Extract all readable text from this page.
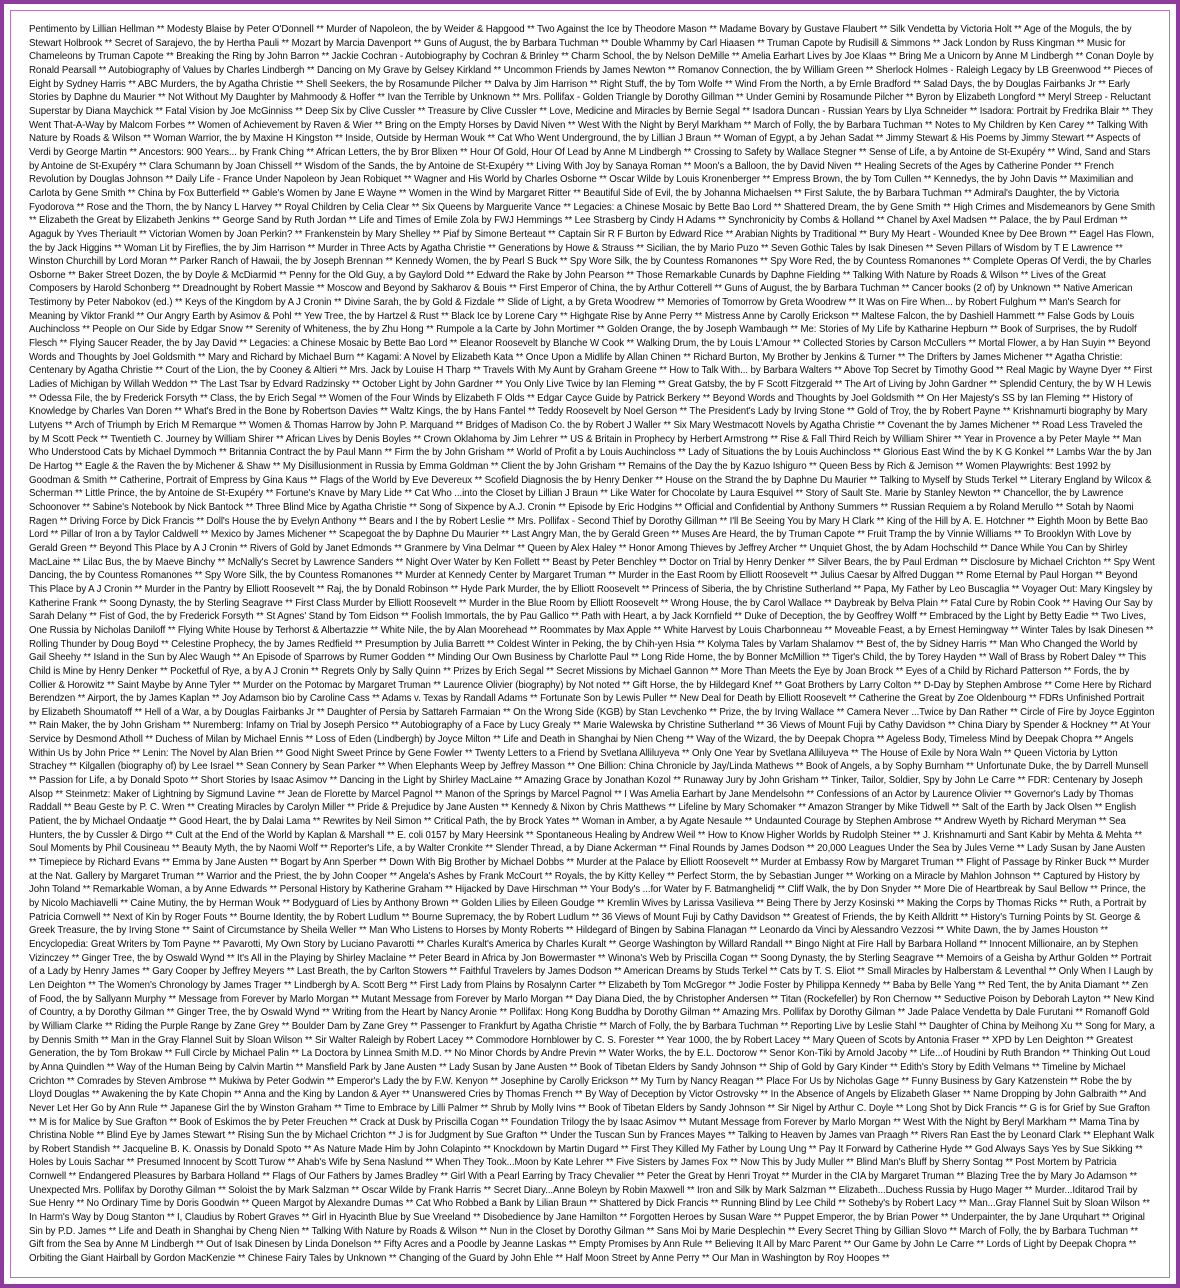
Pentimento by Lillian Hellman ** Modesty Blaise by Peter O'Donnell ** Murder of Napoleon, the by Weider & Hapgood ** Two Against the Ice by Theodore Mason ** Madame Bovary by Gustave Flaubert ** Silk Vendetta by Victoria Holt ** Age of the Moguls, the by Stewart Holbrook ** Secret of Sarajevo, the by Hertha Pauli ** Mozart by Marcia Davenport ** Guns of August, the by Barbara Tuchman ** Double Whammy by Carl Hiaasen ** Truman Capote by Rudisill & Simmons ** Jack London by Russ Kingman ** Music for Chameleons by Truman Capote ** Breaking the Ring by John Barron ** Jackie Cochran - Autobiography by Cochran & Brinley ** Charm School, the by Nelson DeMille ** Amelia Earhart Lives by Joe Klaas ** Bring Me a Unicorn by Anne M Lindbergh ** Conan Doyle by Ronald Pearsall ** Autobiography of Values by Charles Lindbergh ** Dancing on My Grave by Gelsey Kirkland ** Uncommon Friends by James Newton ** Romanov Connection, the by William Green ** Sherlock Holmes - Raleigh Legacy by LB Greenwood ** Pieces of Eight by Sydney Harris ** ABC Murders, the by Agatha Christie ** Shell Seekers, the by Rosamunde Pilcher ** Dalva by Jim Harrison ** Right Stuff, the by Tom Wolfe ** Wind From the North, a by Ernle Bradford ** Salad Days, the by Douglas Fairbanks Jr ** Early Stories by Daphne du Maurier ** Not Without My Daughter by Mahmoody & Hoffer ** Ivan the Terrible by Unknown ** Mrs. Pollifax - Golden Triangle by Dorothy Gillman ** Under Gemini by Rosamunde Pilcher ** Byron by Elizabeth Longford ** Meryl Streep - Reluctant Superstar by Diana Maychick ** Fatal Vision by Joe McGinniss ** Deep Six by Clive Cussler ** Treasure by Clive Cussler ** Love, Medicine and Miracles by Bernie Segal ** Isadora Duncan - Russian Years by Llya Schneider ** Isadora: Portrait by Fredrika Blair ** They Went That-A-Way by Malcom Forbes ** Women of Achievement by Raven & Wier ** Bring on the Empty Horses by David Niven ** West With the Night by Beryl Markham ** March of Folly, the by Barbara Tuchman ** Notes to My Children by Ken Carey ** Talking With Nature by Roads & Wilson ** Woman Warrior, the by Maxine H Kingston ** Inside, Outside by Herman Wouk ** Cat Who Went Underground, the by Lillian J Braun ** Woman of Egypt, a by Jehan Sadat ** Jimmy Stewart & His Poems by Jimmy Stewart ** Aspects of Verdi by George Martin ** Ancestors: 900 Years... by Frank Ching ** African Letters, the by Bror Blixen ** Hour Of Gold, Hour Of Lead by Anne M Lindbergh ** Crossing to Safety by Wallace Stegner ** Sense of Life, a by Antoine de St-Exupéry ** Wind, Sand and Stars by Antoine de St-Exupéry ** Clara Schumann by Joan Chissell ** Wisdom of the Sands, the by Antoine de St-Exupéry ** Living With Joy by Sanaya Roman ** Moon's a Balloon, the by David Niven ** Healing Secrets of the Ages by Catherine Ponder ** French Revolution by Douglas Johnson ** Daily Life - France Under Napoleon by Jean Robiquet ** Wagner and His World by Charles Osborne ** Oscar Wilde by Louis Kronenberger ** Empress Brown, the by Tom Cullen ** Kennedys, the by John Davis ** Maximilian and Carlota by Gene Smith ** China by Fox Butterfield ** Gable's Women by Jane E Wayne ** Women in the Wind by Margaret Ritter ** Beautiful Side of Evil, the by Johanna Michaelsen ** First Salute, the by Barbara Tuchman ** Admiral's Daughter, the by Victoria Fyodorova ** Rose and the Thorn, the by Nancy L Harvey ** Royal Children by Celia Clear ** Six Queens by Marguerite Vance ** Legacies: a Chinese Mosaic by Bette Bao Lord ** Shattered Dream, the by Gene Smith ** High Crimes and Misdemeanors by Gene Smith ** Elizabeth the Great by Elizabeth Jenkins ** George Sand by Ruth Jordan ** Life and Times of Emile Zola by FWJ Hemmings ** Lee Strasberg by Cindy H Adams ** Synchronicity by Combs & Holland ** Chanel by Axel Madsen ** Palace, the by Paul Erdman ** Agaguk by Yves Theriault ** Victorian Women by Joan Perkin? ** Frankenstein by Mary Shelley ** Piaf by Simone Berteaut ** Captain Sir R F Burton by Edward Rice ** Arabian Nights by Traditional ** Bury My Heart - Wounded Knee by Dee Brown ** Eagel Has Flown, the by Jack Higgins ** Woman Lit by Fireflies, the by Jim Harrison ** Murder in Three Acts by Agatha Christie ** Generations by Howe & Strauss ** Sicilian, the by Mario Puzo ** Seven Gothic Tales by Isak Dinesen ** Seven Pillars of Wisdom by T E Lawrence ** Winston Churchill by Lord Moran ** Parker Ranch of Hawaii, the by Joseph Brennan ** Kennedy Women, the by Pearl S Buck ** Spy Wore Silk, the by Countess Romanones ** Spy Wore Red, the by Countess Romanones ** Complete Operas Of Verdi, the by Charles Osborne ** Baker Street Dozen, the by Doyle & McDiarmid ** Penny for the Old Guy, a by Gaylord Dold ** Edward the Rake by John Pearson ** Those Remarkable Cunards by Daphne Fielding ** Talking With Nature by Roads & Wilson ** Lives of the Great Composers by Harold Schonberg ** Dreadnought by Robert Massie ** Moscow and Beyond by Sakharov & Bouis ** First Emperor of China, the by Arthur Cotterell ** Guns of August, the by Barbara Tuchman ** Cancer books (2 of) by Unknown ** Native American Testimony by Peter Nabokov (ed.) ** Keys of the Kingdom by A J Cronin ** Divine Sarah, the by Gold & Fizdale ** Slide of Light, a by Greta Woodrew ** Memories of Tomorrow by Greta Woodrew ** It Was on Fire When... by Robert Fulghum ** Man's Search for Meaning by Viktor Frankl ** Our Angry Earth by Asimov & Pohl ** Yew Tree, the by Hartzel & Rust ** Black Ice by Lorene Cary ** Highgate Rise by Anne Perry ** Mistress Anne by Carolly Erickson ** Maltese Falcon, the by Dashiell Hammett ** False Gods by Louis Auchincloss ** People on Our Side by Edgar Snow ** Serenity of Whiteness, the by Zhu Hong ** Rumpole a la Carte by John Mortimer ** Golden Orange, the by Joseph Wambaugh ** Me: Stories of My Life by Katharine Hepburn ** Book of Surprises, the by Rudolf Flesch ** Flying Saucer Reader, the by Jay David ** Legacies: a Chinese Mosaic by Bette Bao Lord ** Eleanor Roosevelt by Blanche W Cook ** Walking Drum, the by Louis L'Amour ** Collected Stories by Carson McCullers ** Mortal Flower, a by Han Suyin ** Beyond Words and Thoughts by Joel Goldsmith ** Mary and Richard by Michael Burn ** Kagami: A Novel by Elizabeth Kata ** Once Upon a Midlife by Allan Chinen ** Richard Burton, My Brother by Jenkins & Turner ** The Drifters by James Michener ** Agatha Christie: Centenary by Agatha Christie ** Court of the Lion, the by Cooney & Altieri ** Mrs. Jack by Louise H Tharp ** Travels With My Aunt by Graham Greene ** How to Talk With... by Barbara Walters ** Above Top Secret by Timothy Good ** Real Magic by Wayne Dyer ** First Ladies of Michigan by Willah Weddon ** The Last Tsar by Edvard Radzinsky ** October Light by John Gardner ** You Only Live Twice by Ian Fleming ** Great Gatsby, the by F Scott Fitzgerald ** The Art of Living by John Gardner ** Splendid Century, the by W H Lewis ** Odessa File, the by Frederick Forsyth ** Class, the by Erich Segal ** Women of the Four Winds by Elizabeth F Olds ** Edgar Cayce Guide by Patrick Berkery ** Beyond Words and Thoughts by Joel Goldsmith ** On Her Majesty's SS by Ian Fleming ** History of Knowledge by Charles Van Doren ** What's Bred in the Bone by Robertson Davies ** Waltz Kings, the by Hans Fantel ** Teddy Roosevelt by Noel Gerson ** The President's Lady by Irving Stone ** Gold of Troy, the by Robert Payne ** Krishnamurti biography by Mary Lutyens ** Arch of Triumph by Erich M Remarque ** Women & Thomas Harrow by John P. Marquand ** Bridges of Madison Co. the by Robert J Waller ** Six Mary Westmacott Novels by Agatha Christie ** Covenant the by James Michener ** Road Less Traveled the by M Scott Peck ** Twentieth C. Journey by William Shirer ** African Lives by Denis Boyles ** Crown Oklahoma by Jim Lehrer ** US & Britain in Prophecy by Herbert Armstrong ** Rise & Fall Third Reich by William Shirer ** Year in Provence a by Peter Mayle ** Man Who Understood Cats by Michael Dymmoch ** Britannia Contract the by Paul Mann ** Firm the by John Grisham ** World of Profit a by Louis Auchincloss ** Lady of Situations the by Louis Auchincloss ** Glorious East Wind the by K G Konkel ** Lambs War the by Jan De Hartog ** Eagle & the Raven the by Michener & Shaw ** My Disillusionment in Russia by Emma Goldman ** Client the by John Grisham ** Remains of the Day the by Kazuo Ishiguro ** Queen Bess by Rich & Jemison ** Women Playwrights: Best 1992 by Goodman & Smith ** Catherine, Portrait of Empress by Gina Kaus ** Flags of the World by Eve Devereux ** Scofield Diagnosis the by Henry Denker ** House on the Strand the by Daphne Du Maurier ** Talking to Myself by Studs Terkel ** Literary England by Wilcox & Scherman ** Little Prince, the by Antoine de St-Exupéry ** Fortune's Knave by Mary Lide ** Cat Who ...into the Closet by Lillian J Braun ** Like Water for Chocolate by Laura Esquivel ** Story of Sault Ste. Marie by Stanley Newton ** Chancellor, the by Lawrence Schoonover ** Sabine's Notebook by Nick Bantock ** Three Blind Mice by Agatha Christie ** Song of Sixpence by A.J. Cronin ** Episode by Eric Hodgins ** Official and Confidential by Anthony Summers ** Russian Requiem a by Roland Merullo ** Sotah by Naomi Ragen ** Driving Force by Dick Francis ** Doll's House the by Evelyn Anthony ** Bears and I the by Robert Leslie ** Mrs. Pollifax - Second Thief by Dorothy Gillman ** I'll Be Seeing You by Mary H Clark ** King of the Hill by A. E. Hotchner ** Eighth Moon by Bette Bao Lord ** Pillar of Iron a by Taylor Caldwell ** Mexico by James Michener ** Scapegoat the by Daphne Du Maurier ** Last Angry Man, the by Gerald Green ** Muses Are Heard, the by Truman Capote ** Fruit Tramp the by Vinnie Williams ** To Brooklyn With Love by Gerald Green ** Beyond This Place by A J Cronin ** Rivers of Gold by Janet Edmonds ** Granmere by Vina Delmar ** Queen by Alex Haley ** Honor Among Thieves by Jeffrey Archer ** Unquiet Ghost, the by Adam Hochschild ** Dance While You Can by Shirley MacLaine ** Lilac Bus, the by Maeve Binchy ** McNally's Secret by Lawrence Sanders ** Night Over Water by Ken Follett ** Beast by Peter Benchley ** Doctor on Trial by Henry Denker ** Silver Bears, the by Paul Erdman ** Disclosure by Michael Crichton ** Spy Went Dancing, the by Countess Romanones ** Spy Wore Silk, the by Countess Romanones ** Murder at Kennedy Center by Margaret Truman ** Murder in the East Room by Elliott Roosevelt ** Julius Caesar by Alfred Duggan ** Rome Eternal by Paul Horgan ** Beyond This Place by A J Cronin ** Murder in the Pantry by Elliott Roosevelt ** Raj, the by Donald Robinson ** Hyde Park Murder, the by Elliott Roosevelt ** Princess of Siberia, the by Christine Sutherland ** Papa, My Father by Leo Buscaglia ** Voyager Out: Mary Kingsley by Katherine Frank ** Soong Dynasty, the by Sterling Seagrave ** First Class Murder by Elliott Roosevelt ** Murder in the Blue Room by Elliott Roosevelt ** Wrong House, the by Carol Wallace ** Daybreak by Belva Plain ** Fatal Cure by Robin Cook ** Having Our Say by Sarah Delany ** Fist of God, the by Frederick Forsyth ** St Agnes' Stand by Tom Eidson ** Foolish Immortals, the by Pau Gallico ** Path with Heart, a by Jack Kornfield ** Duke of Deception, the by Geoffrey Wolff ** Embraced by the Light by Betty Eadie ** Two Lives, One Russia by Nicholas Daniloff ** Flying White House by Terhorst & Albertazzie ** White Nile, the by Alan Moorehead ** Roommates by Max Apple ** White Harvest by Louis Charbonneau ** Moveable Feast, a by Ernest Hemingway ** Winter Tales by Isak Dinesen ** Rolling Thunder by Doug Boyd ** Celestine Prophecy, the by James Redfield ** Presumption by Julia Barrett ** Coldest Winter in Peking, the by Chih-yen Hsia ** Kolyma Tales by Varlam Shalamov ** Best of, the by Sidney Harris ** Man Who Changed the World by Gail Sheehy ** Island in the Sun by Alec Waugh ** An Episode of Sparrows by Rumer Godden ** Minding Our Own Business by Charlotte Paul ** Long Ride Home, the by Bonner McMillion ** Tiger's Child, the by Torey Hayden ** Wall of Brass by Robert Daley ** This Child is Mine by Henry Denker ** Pocketful of Rye, a by A J Cronin ** Regrets Only by Sally Quinn ** Prizes by Erich Segal ** Secret Missions by Michael Gannon ** More Than Meets the Eye by Joan Brock ** Eyes of a Child by Richard Patterson ** Fords, the by Collier & Horowitz ** Saint Maybe by Anne Tyler ** Murder on the Potomac by Margaret Truman ** Laurence Olivier (biography) by Not noted ** Gift Horse, the by Hildegard Knef ** Goat Brothers by Larry Colton ** D-Day by Stephen Ambrose ** Come Here by Richard Berendzen ** Airport, the by James Kaplan ** Joy Adamson bio by Caroline Cass ** Adams v. Texas by Randall Adams ** Fortunate Son by Lewis Puller ** New Deal for Death by Elliott Roosevelt ** Catherine the Great by Zoe Oldenbourg ** FDRs Unfinished Portrait by Elizabeth Shoumatoff ** Hell of a War, a by Douglas Fairbanks Jr ** Daughter of Persia by Sattareh Farmaian ** On the Wrong Side (KGB) by Stan Levchenko ** Prize, the by Irving Wallace ** Camera Never ...Twice by Dan Rather ** Circle of Fire by Joyce Egginton ** Rain Maker, the by John Grisham ** Nuremberg: Infamy on Trial by Joseph Persico ** Autobiography of a Face by Lucy Grealy ** Marie Walewska by Christine Sutherland ** 36 Views of Mount Fuji by Cathy Davidson ** China Diary by Spender & Hockney ** At Your Service by Desmond Atholl ** Duchess of Milan by Michael Ennis ** Loss of Eden (Lindbergh) by Joyce Milton ** Life and Death in Shanghai by Nien Cheng ** Way of the Wizard, the by Deepak Chopra ** Ageless Body, Timeless Mind by Deepak Chopra ** Angels Within Us by John Price ** Lenin: The Novel by Alan Brien ** Good Night Sweet Prince by Gene Fowler ** Twenty Letters to a Friend by Svetlana Alliluyeva ** Only One Year by Svetlana Alliluyeva ** The House of Exile by Nora Waln ** Queen Victoria by Lytton Strachey ** Kilgallen (biography of) by Lee Israel ** Sean Connery by Sean Parker ** When Elephants Weep by Jeffrey Masson ** One Billion: China Chronicle by Jay/Linda Mathews ** Book of Angels, a by Sophy Burnham ** Unfortunate Duke, the by Darrell Munsell ** Passion for Life, a by Donald Spoto ** Short Stories by Isaac Asimov ** Dancing in the Light by Shirley MacLaine ** Amazing Grace by Jonathan Kozol ** Runaway Jury by John Grisham ** Tinker, Tailor, Soldier, Spy by John Le Carre ** FDR: Centenary by Joseph Alsop ** Steinmetz: Maker of Lightning by Sigmund Lavine ** Jean de Florette by Marcel Pagnol ** Manon of the Springs by Marcel Pagnol ** I Was Amelia Earhart by Jane Mendelsohn ** Confessions of an Actor by Laurence Olivier ** Governor's Lady by Thomas Raddall ** Beau Geste by P. C. Wren ** Creating Miracles by Carolyn Miller ** Pride & Prejudice by Jane Austen ** Kennedy & Nixon by Chris Matthews ** Lifeline by Mary Schomaker ** Amazon Stranger by Mike Tidwell ** Salt of the Earth by Jack Olsen ** English Patient, the by Michael Ondaatje ** Good Heart, the by Dalai Lama ** Rewrites by Neil Simon ** Critical Path, the by Brock Yates ** Woman in Amber, a by Agate Nesaule ** Undaunted Courage by Stephen Ambrose ** Andrew Wyeth by Richard Meryman ** Sea Hunters, the by Cussler & Dirgo ** Cult at the End of the World by Kaplan & Marshall ** E. coli 0157 by Mary Heersink ** Spontaneous Healing by Andrew Weil ** How to Know Higher Worlds by Rudolph Steiner ** J. Krishnamurti and Sant Kabir by Mehta & Mehta ** Soul Moments by Phil Cousineau ** Beauty Myth, the by Naomi Wolf ** Reporter's Life, a by Walter Cronkite ** Slender Thread, a by Diane Ackerman ** Final Rounds by James Dodson ** 20,000 Leagues Under the Sea by Jules Verne ** Lady Susan by Jane Austen ** Timepiece by Richard Evans ** Emma by Jane Austen ** Bogart by Ann Sperber ** Down With Big Brother by Michael Dobbs ** Murder at the Palace by Elliott Roosevelt ** Murder at Embassy Row by Margaret Truman ** Flight of Passage by Rinker Buck ** Murder at the Nat. Gallery by Margaret Truman ** Warrior and the Priest, the by John Cooper ** Angela's Ashes by Frank McCourt ** Royals, the by Kitty Kelley ** Perfect Storm, the by Sebastian Junger ** Working on a Miracle by Mahlon Johnson ** Captured by History by John Toland ** Remarkable Woman, a by Anne Edwards ** Personal History by Katherine Graham ** Hijacked by Dave Hirschman ** Your Body's ...for Water by F. Batmanghelidj ** Cliff Walk, the by Don Snyder ** More Die of Heartbreak by Saul Bellow ** Prince, the by Nicolo Machiavelli ** Caine Mutiny, the by Herman Wouk ** Bodyguard of Lies by Anthony Brown ** Golden Lilies by Eileen Goudge ** Kremlin Wives by Larissa Vasilieva ** Being There by Jerzy Kosinski ** Making the Corps by Thomas Ricks ** Ruth, a Portrait by Patricia Cornwell ** Next of Kin by Roger Fouts ** Bourne Identity, the by Robert Ludlum ** Bourne Supremacy, the by Robert Ludlum ** 36 Views of Mount Fuji by Cathy Davidson ** Greatest of Friends, the by Keith Alldritt ** History's Turning Points by St. George & Greek Treasure, the by Irving Stone ** Saint of Circumstance by Sheila Weller ** Man Who Listens to Horses by Monty Roberts ** Hildegard of Bingen by Sabina Flanagan ** Leonardo da Vinci by Alessandro Vezzosi ** White Dawn, the by James Houston ** Encyclopedia: Great Writers by Tom Payne ** Pavarotti, My Own Story by Luciano Pavarotti ** Charles Kuralt's America by Charles Kuralt ** George Washington by Willard Randall ** Bingo Night at Fire Hall by Barbara Holland ** Innocent Millionaire, an by Stephen Vizinczey ** Ginger Tree, the by Oswald Wynd ** It's All in the Playing by Shirley Maclaine ** Peter Beard in Africa by Jon Bowermaster ** Winona's Web by Priscilla Cogan ** Soong Dynasty, the by Sterling Seagrave ** Memoirs of a Geisha by Arthur Golden ** Portrait of a Lady by Henry James ** Gary Cooper by Jeffrey Meyers ** Last Breath, the by Carlton Stowers ** Faithful Travelers by James Dodson ** American Dreams by Studs Terkel ** Cats by T. S. Eliot ** Small Miracles by Halberstam & Leventhal ** Only When I Laugh by Len Deighton ** The Women's Chronology by James Trager ** Lindbergh by A. Scott Berg ** First Lady from Plains by Rosalynn Carter ** Elizabeth by Tom McGregor ** Jodie Foster by Philippa Kennedy ** Baba by Belle Yang ** Red Tent, the by Anita Diamant ** Zen of Food, the by Sallyann Murphy ** Message from Forever by Marlo Morgan ** Mutant Message from Forever by Marlo Morgan ** Day Diana Died, the by Christopher Andersen ** Titan (Rockefeller) by Ron Chernow ** Seductive Poison by Deborah Layton ** New Kind of Country, a by Dorothy Gilman ** Ginger Tree, the by Oswald Wynd ** Writing from the Heart by Nancy Aronie ** Pollifax: Hong Kong Buddha by Dorothy Gilman ** Amazing Mrs. Pollifax by Dorothy Gilman ** Jade Palace Vendetta by Dale Furutani ** Romanoff Gold by William Clarke ** Riding the Purple Range by Zane Grey ** Boulder Dam by Zane Grey ** Passenger to Frankfurt by Agatha Christie ** March of Folly, the by Barbara Tuchman ** Reporting Live by Leslie Stahl ** Daughter of China by Meihong Xu ** Song for Mary, a by Dennis Smith ** Man in the Gray Flannel Suit by Sloan Wilson ** Sir Walter Raleigh by Robert Lacey ** Commodore Hornblower by C. S. Forester ** Year 1000, the by Robert Lacey ** Mary Queen of Scots by Antonia Fraser ** XPD by Len Deighton ** Greatest Generation, the by Tom Brokaw ** Full Circle by Michael Palin ** La Doctora by Linnea Smith M.D. ** No Minor Chords by Andre Previn ** Water Works, the by E.L. Doctorow ** Senor Kon-Tiki by Arnold Jacoby ** Life...of Houdini by Ruth Brandon ** Thinking Out Loud by Anna Quindlen ** Way of the Human Being by Calvin Martin ** Mansfield Park by Jane Austen ** Lady Susan by Jane Austen ** Book of Tibetan Elders by Sandy Johnson ** Ship of Gold by Gary Kinder ** Edith's Story by Edith Velmans ** Timeline by Michael Crichton ** Comrades by Steven Ambrose ** Mukiwa by Peter Godwin ** Emperor's Lady the by F.W. Kenyon ** Josephine by Carolly Erickson ** My Turn by Nancy Reagan ** Place For Us by Nicholas Gage ** Funny Business by Gary Katzenstein ** Robe the by Lloyd Douglas ** Awakening the by Kate Chopin ** Anna and the King by Landon & Ayer ** Unanswered Cries by Thomas French ** By Way of Deception by Victor Ostrovsky ** In the Absence of Angels by Elizabeth Glaser ** Name Dropping by John Galbraith ** And Never Let Her Go by Ann Rule ** Japanese Girl the by Winston Graham ** Time to Embrace by Lilli Palmer ** Shrub by Molly Ivins ** Book of Tibetan Elders by Sandy Johnson ** Sir Nigel by Arthur C. Doyle ** Long Shot by Dick Francis ** G is for Grief by Sue Grafton ** M is for Malice by Sue Grafton ** Book of Eskimos the by Peter Freuchen ** Crack at Dusk by Priscilla Cogan ** Foundation Trilogy the by Isaac Asimov ** Mutant Message from Forever by Marlo Morgan ** West With the Night by Beryl Markham ** Mama Tina by Christina Noble ** Blind Eye by James Stewart ** Rising Sun the by Michael Crichton ** J is for Judgment by Sue Grafton ** Under the Tuscan Sun by Frances Mayes ** Talking to Heaven by James van Praagh ** Rivers Ran East the by Leonard Clark ** Elephant Walk by Robert Standish ** Jacqueline B. K. Onassis by Donald Spoto ** As Nature Made Him by John Colapinto ** Knockdown by Martin Dugard ** First They Killed My Father by Loung Ung ** Pay It Forward by Catherine Hyde ** God Always Says Yes by Sue Sikking ** Holes by Louis Sachar ** Presumed Innocent by Scott Turow ** Ahab's Wife by Sena Naslund ** When They Took...Moon by Kate Lehrer ** Five Sisters by James Fox ** Now This by Judy Muller ** Blind Man's Bluff by Sherry Sontag ** Post Mortem by Patricia Cornwell ** Endangered Pleasures by Barbara Holland ** Flags of Our Fathers by James Bradley ** Girl With a Pearl Earring by Tracy Chevalier ** Peter the Great by Henri Troyat ** Murder in the CIA by Margaret Truman ** Blazing Tree the by Mary Jo Adamson ** Unexpected Mrs. Pollifax by Dorothy Gilman ** Soloist the by Mark Salzman ** Oscar Wilde by Frank Harris ** Secret Diary...Anne Boleyn by Robin Maxwell ** Iron and Silk by Mark Salzman ** Elizabeth...Duchess Russia by Hugo Mager ** Murder...Iditarod Trail by Sue Henry ** No Ordinary Time by Doris Goodwin ** Queen Margot by Alexandre Dumas ** Cat Who Robbed a Bank by Lilian Braun ** Shattered by Dick Francis ** Running Blind by Lee Child ** Sotheby's by Robert Lacy ** Man...Gray Flannel Suit by Sloan Wilson ** In Harm's Way by Doug Stanton ** I, Claudius by Robert Graves ** Girl in Hyacinth Blue by Sue Vreeland ** Disobedience by Jane Hamilton ** Forgotten Heroes by Susan Ware ** Puppet Emperor, the by Brian Power ** Underpainter, the by Jane Urquhart ** Original Sin by P.D. James ** Life and Death in Shanghai by Cheng Nien ** Talking With Nature by Roads & Wilson ** Nun in the Closet by Dorothy Gilman ** Sans Moi by Marie Desplechin ** Every Secret Thing by Gillian Slovo ** March of Folly, the by Barbara Tuchman ** Gift from the Sea by Anne M Lindbergh ** Out of Isak Dinesen by Linda Donelson ** Fifty Acres and a Poodle by Jeanne Laskas ** Empty Promises by Ann Rule ** Believing It All by Marc Parent ** Our Game by John Le Carre ** Lords of Light by Deepak Chopra ** Orbiting the Giant Hairball by Gordon MacKenzie ** Chinese Fairy Tales by Unknown ** Changing of the Guard by John Ehle ** Half Moon Street by Anne Perry ** Our Man in Washington by Roy Hoopes **
